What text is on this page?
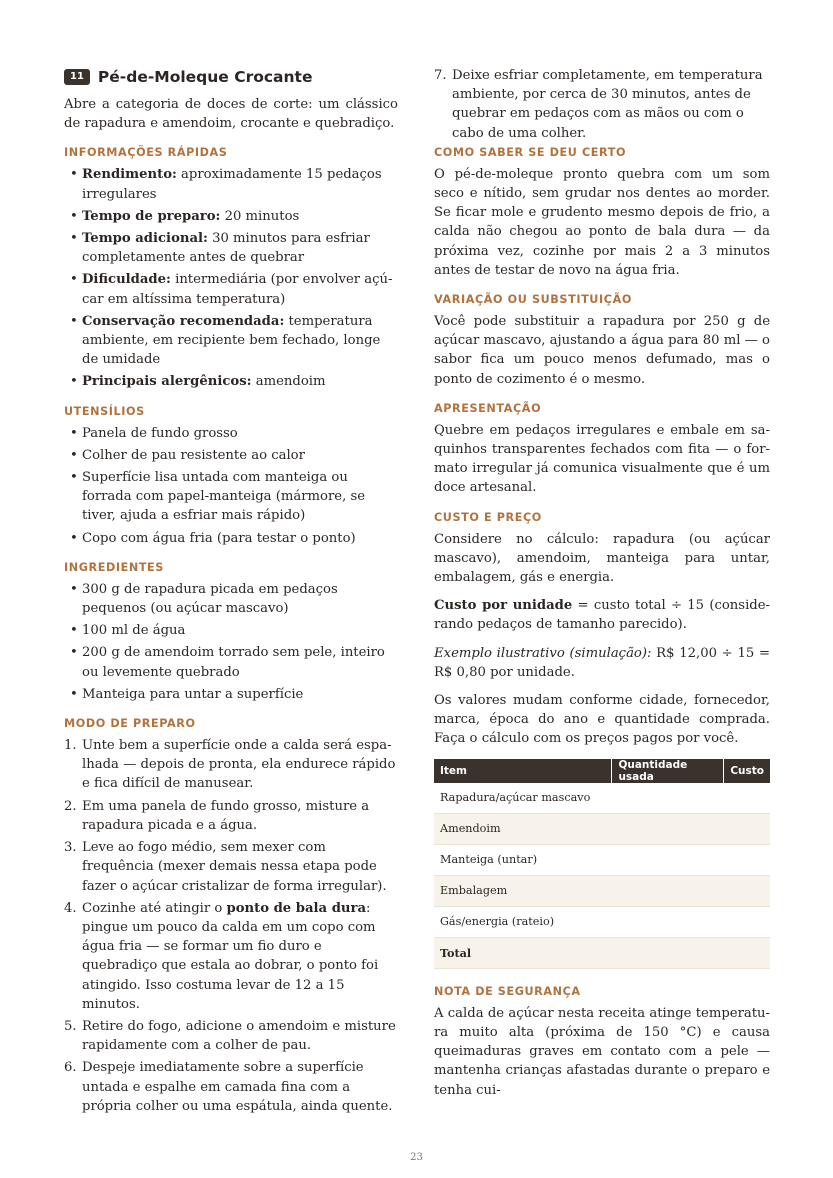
11 Pé-de-Moleque Crocante

Abre a categoria de doces de corte: um clássico de rapadura e amendoim, crocante e quebradiço.

INFORMAÇÕES RÁPIDAS
• Rendimento: aproximadamente 15 pedaços irregulares
• Tempo de preparo: 20 minutos
• Tempo adicional: 30 minutos para esfriar completamente antes de quebrar
• Dificuldade: intermediária (por envolver açúcar em altíssima temperatura)
• Conservação recomendada: temperatura ambiente, em recipiente bem fechado, longe de umidade
• Principais alergênicos: amendoim
UTENSÍLIOS
• Panela de fundo grosso
• Colher de pau resistente ao calor
• Superfície lisa untada com manteiga ou forrada com papel-manteiga (mármore, se tiver, ajuda a esfriar mais rápido)
• Copo com água fria (para testar o ponto)
INGREDIENTES
• 300 g de rapadura picada em pedaços pequenos (ou açúcar mascavo)
• 100 ml de água
• 200 g de amendoim torrado sem pele, inteiro ou levemente quebrado
• Manteiga para untar a superfície
MODO DE PREPARO
1. Unte bem a superfície onde a calda será espalhada — depois de pronta, ela endurece rápido e fica difícil de manusear.
2. Em uma panela de fundo grosso, misture a rapadura picada e a água.
3. Leve ao fogo médio, sem mexer com frequência (mexer demais nessa etapa pode fazer o açúcar cristalizar de forma irregular).
4. Cozinhe até atingir o ponto de bala dura: pingue um pouco da calda em um copo com água fria — se formar um fio duro e quebradiço que estala ao dobrar, o ponto foi atingido. Isso costuma levar de 12 a 15 minutos.
5. Retire do fogo, adicione o amendoim e misture rapidamente com a colher de pau.
6. Despeje imediatamente sobre a superfície untada e espalhe em camada fina com a própria colher ou uma espátula, ainda quente.
7. Deixe esfriar completamente, em temperatura ambiente, por cerca de 30 minutos, antes de quebrar em pedaços com as mãos ou com o cabo de uma colher.
COMO SABER SE DEU CERTO

O pé-de-moleque pronto quebra com um som seco e nítido, sem grudar nos dentes ao morder. Se ficar mole e grudento mesmo depois de frio, a calda não chegou ao ponto de bala dura — da próxima vez, cozinhe por mais 2 a 3 minutos antes de testar de novo na água fria.

VARIAÇÃO OU SUBSTITUIÇÃO

Você pode substituir a rapadura por 250 g de açúcar mascavo, ajustando a água para 80 ml — o sabor fica um pouco menos defumado, mas o ponto de cozimento é o mesmo.

APRESENTAÇÃO

Quebre em pedaços irregulares e embale em saquinhos transparentes fechados com fita — o formato irregular já comunica visualmente que é um doce artesanal.

CUSTO E PREÇO

Considere no cálculo: rapadura (ou açúcar mascavo), amendoim, manteiga para untar, embalagem, gás e energia.

Custo por unidade = custo total ÷ 15 (considerando pedaços de tamanho parecido).

Exemplo ilustrativo (simulação): R$ 12,00 ÷ 15 = R$ 0,80 por unidade.

Os valores mudam conforme cidade, fornecedor, marca, época do ano e quantidade comprada. Faça o cálculo com os preços pagos por você.

Item	Quantidade usada	Custo
Rapadura/açúcar mascavo		
Amendoim		
Manteiga (untar)		
Embalagem		
Gás/energia (rateio)		
Total		
NOTA DE SEGURANÇA

A calda de açúcar nesta receita atinge temperatura muito alta (próxima de 150 °C) e causa queimaduras graves em contato com a pele — mantenha crianças afastadas durante o preparo e tenha cui-

23
